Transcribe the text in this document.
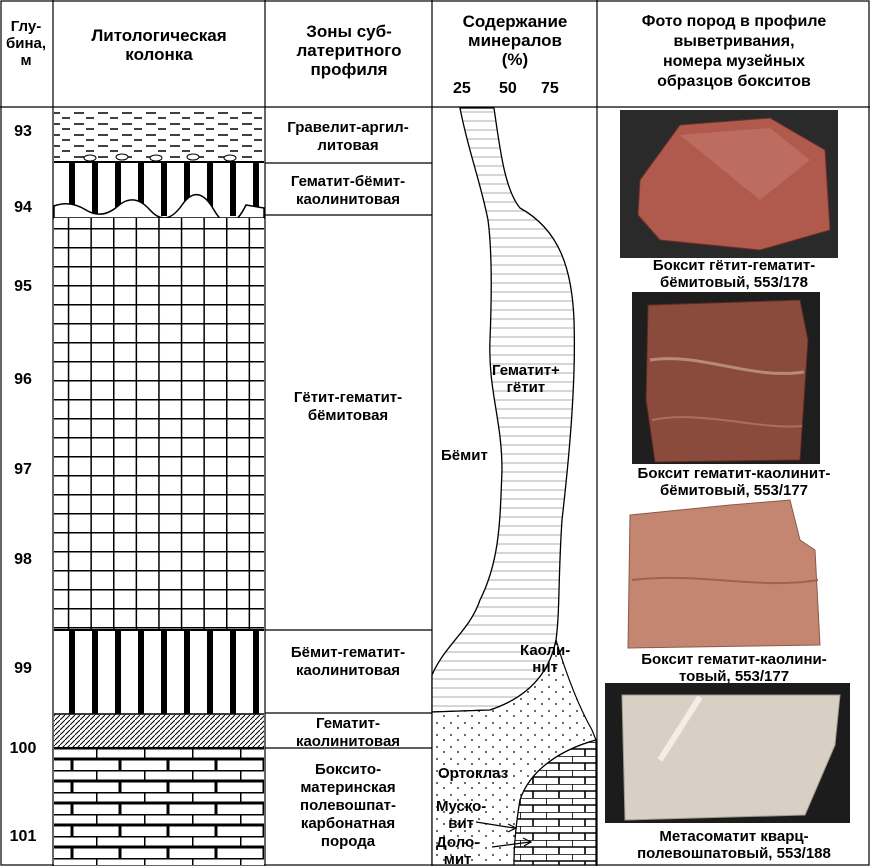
Глу-
бина,
м
Литологическая
колонка
Зоны суб-
латеритного
профиля
Содержание
минералов
(%)
Фото пород в профиле
выветривания,
номера музейных
образцов бокситов
25 50 75
93
94
95
96
97
98
99
100
101
Гравелит-аргил-
литовая
Гематит-бёмит-
каолинитовая
Гётит-гематит-
бёмитовая
Бёмит-гематит-
каолинитовая
Гематит-
каолинитовая
Боксито-
материнская
полевошпат-
карбонатная
порода
Гематит+
гётит
Бёмит
Каоли-
нит
Ортоклаз
Муско-
вит
Доло-
мит
Боксит гётит-гематит-
бёмитовый, 553/178
Боксит гематит-каолинит-
бёмитовый, 553/177
Боксит гематит-каолини-
товый, 553/177
Метасоматит кварц-
полевошпатовый, 553/188
